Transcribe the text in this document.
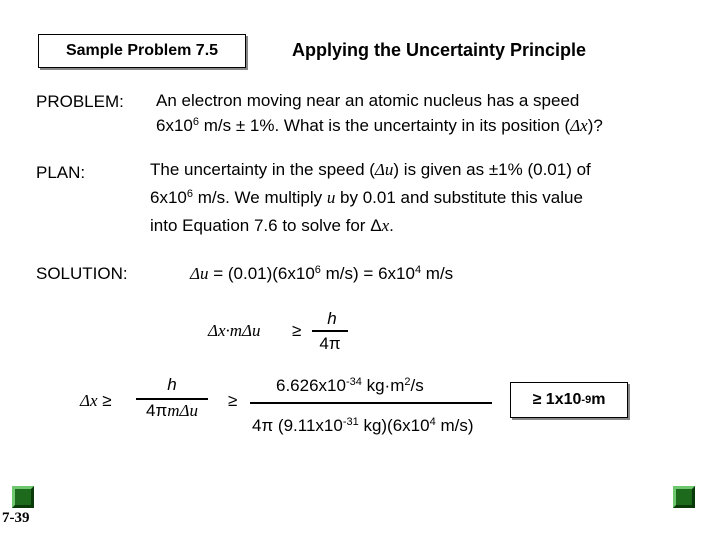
Sample Problem 7.5	Applying the Uncertainty Principle
PROBLEM: An electron moving near an atomic nucleus has a speed
$6x10^6$ m/s ± 1%. What is the uncertainty in its position (Δx)?
PLAN:	The uncertainty in the speed (Δu) is given as ±1% (0.01) of
$6x10^6$ m/s. We multiply u by 0.01 and substitute this value
into Equation 7.6 to solve for Δx.
SOLUTION:	$\Delta u = (0.01)(6x10^6$ $m/s) = 6x10^4$ m/s
Δx·mΔu ≥
h
4π
Δx ≥
h
4πmΔu
≥
$6.626x10^{-34}$ $kg\cdot m^2/s$
4π ($9.11x10^{-31}$ $kg)(6x10^4$ m/s)
≥ 1x10 -9 m
7-39
